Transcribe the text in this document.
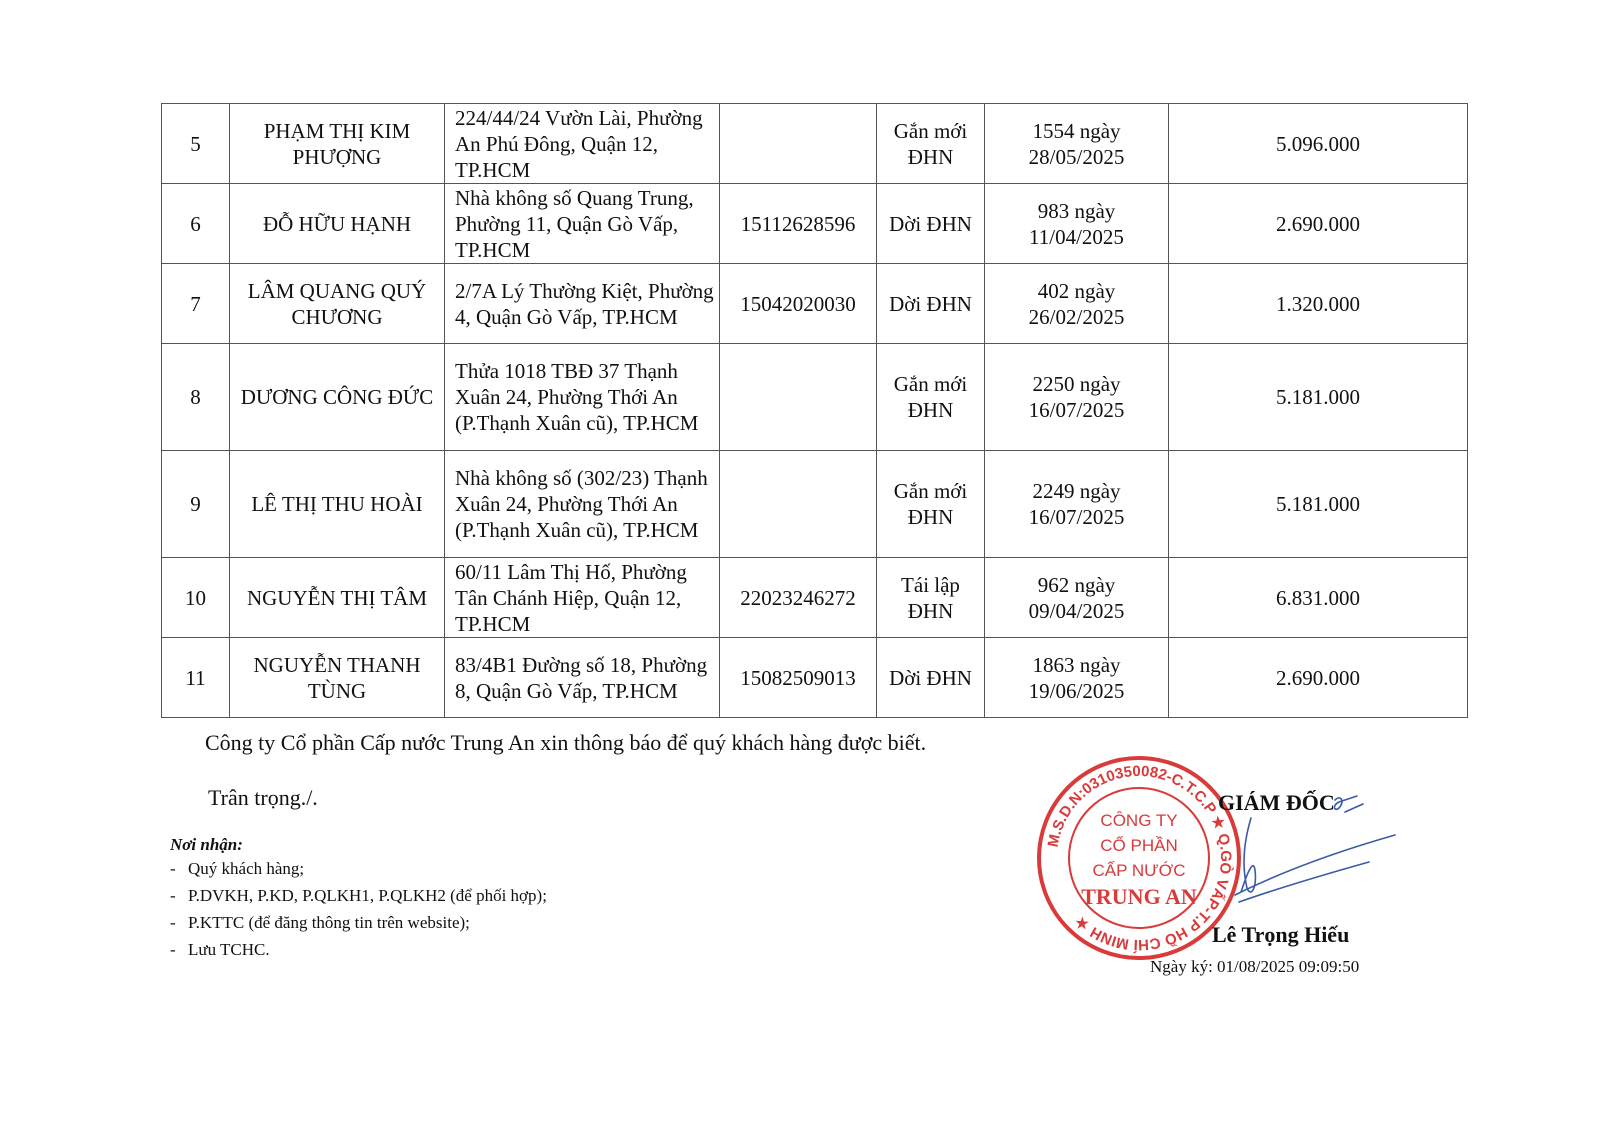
5	PHẠM THỊ KIM PHƯỢNG	224/44/24 Vườn Lài, Phường An Phú Đông, Quận 12, TP.HCM		Gắn mới ĐHN	1554 ngày 28/05/2025	5.096.000
6	ĐỖ HỮU HẠNH	Nhà không số Quang Trung, Phường 11, Quận Gò Vấp, TP.HCM	15112628596	Dời ĐHN	983 ngày 11/04/2025	2.690.000
7	LÂM QUANG QUÝ CHƯƠNG	2/7A Lý Thường Kiệt, Phường 4, Quận Gò Vấp, TP.HCM	15042020030	Dời ĐHN	402 ngày 26/02/2025	1.320.000
8	DƯƠNG CÔNG ĐỨC	Thửa 1018 TBĐ 37 Thạnh Xuân 24, Phường Thới An (P.Thạnh Xuân cũ), TP.HCM		Gắn mới ĐHN	2250 ngày 16/07/2025	5.181.000
9	LÊ THỊ THU HOÀI	Nhà không số (302/23) Thạnh Xuân 24, Phường Thới An (P.Thạnh Xuân cũ), TP.HCM		Gắn mới ĐHN	2249 ngày 16/07/2025	5.181.000
10	NGUYỄN THỊ TÂM	60/11 Lâm Thị Hố, Phường Tân Chánh Hiệp, Quận 12, TP.HCM	22023246272	Tái lập ĐHN	962 ngày 09/04/2025	6.831.000
11	NGUYỄN THANH TÙNG	83/4B1 Đường số 18, Phường 8, Quận Gò Vấp, TP.HCM	15082509013	Dời ĐHN	1863 ngày 19/06/2025	2.690.000
Công ty Cổ phần Cấp nước Trung An xin thông báo để quý khách hàng được biết.
Trân trọng./.
Nơi nhận:
- Quý khách hàng;
- P.DVKH, P.KD, P.QLKH1, P.QLKH2 (để phối hợp);
- P.KTTC (để đăng thông tin trên website);
- Lưu TCHC.
M.S.D.N:0310350082-C.T.C.P ★ Q.GÒ VẤP-T.P HỒ CHÍ MINH ★
CÔNG TY
CỔ PHẦN
CẤP NƯỚC
TRUNG AN
GIÁM ĐỐC
Lê Trọng Hiếu
Ngày ký: 01/08/2025 09:09:50
